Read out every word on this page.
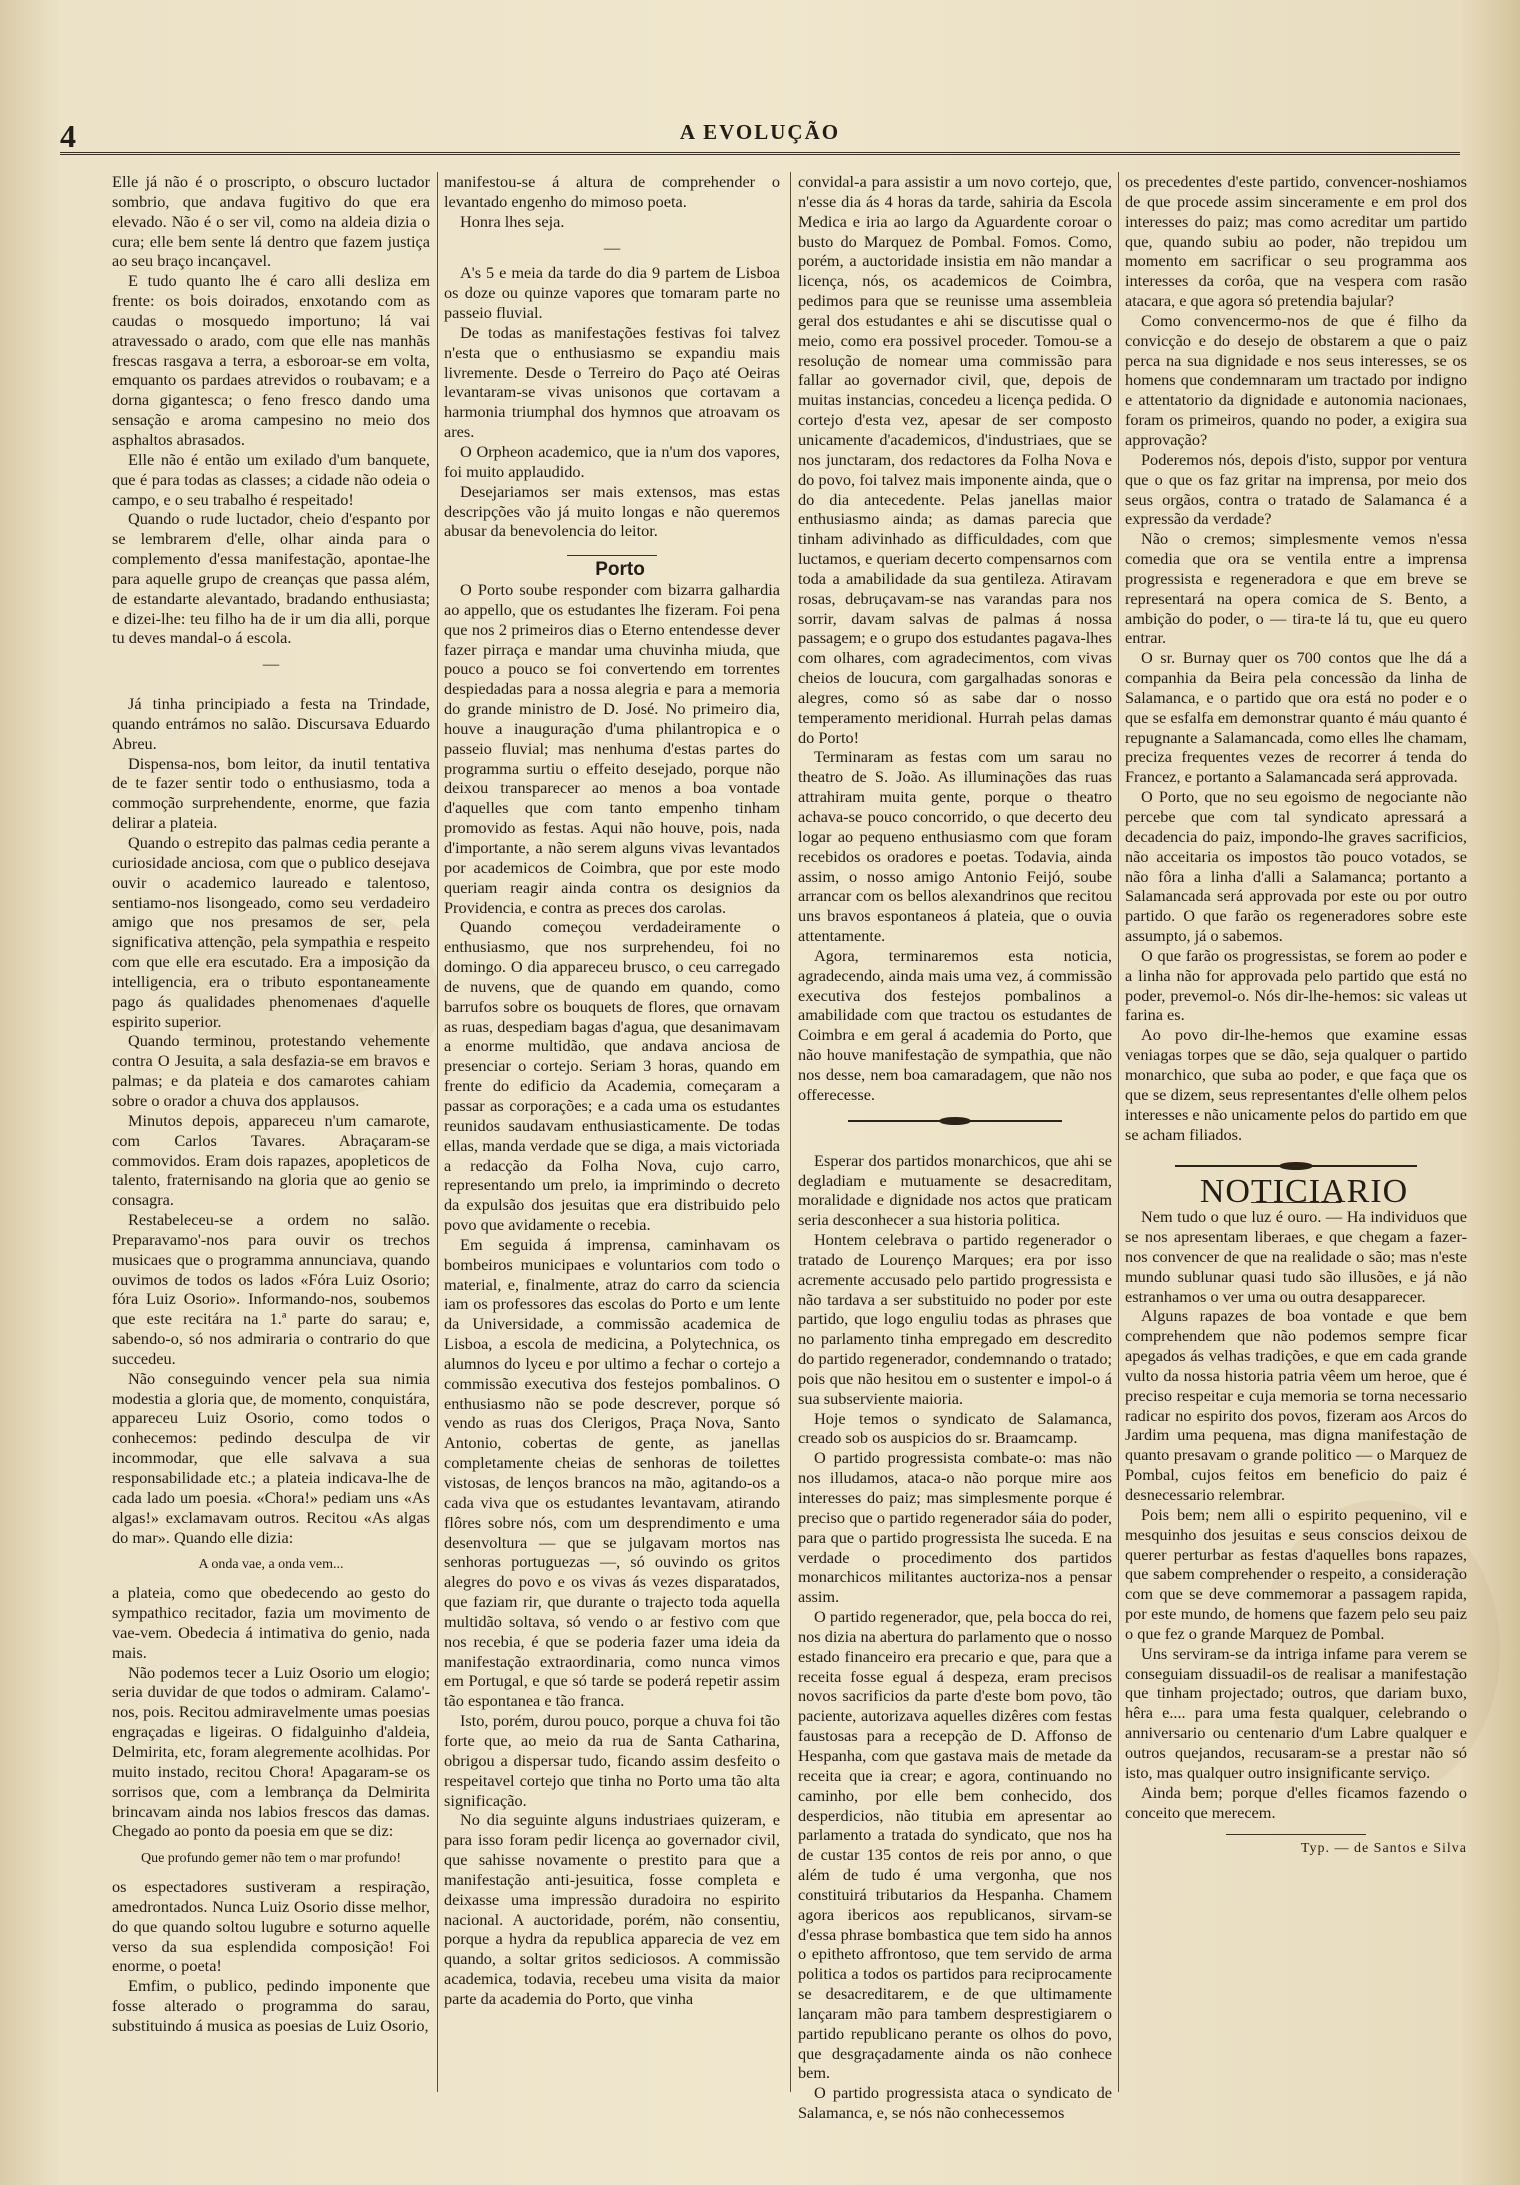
4	A EVOLUÇÃO

Elle já não é o proscripto, o obscuro luctador sombrio, que andava fugitivo do que era elevado. Não é o ser vil, como na aldeia dizia o cura; elle bem sente lá dentro que fazem justiça ao seu braço incançavel.

E tudo quanto lhe é caro alli desliza em frente: os bois doirados, enxotando com as caudas o mosquedo importuno; lá vai atravessado o arado, com que elle nas manhãs frescas rasgava a terra, a esboroar-se em volta, emquanto os pardaes atrevidos o roubavam; e a dorna gigantesca; o feno fresco dando uma sensação e aroma campesino no meio dos asphaltos abrasados.

Elle não é então um exilado d'um banquete, que é para todas as classes; a cidade não odeia o campo, e o seu trabalho é respeitado!

Quando o rude luctador, cheio d'espanto por se lembrarem d'elle, olhar ainda para o complemento d'essa manifestação, apontae-lhe para aquelle grupo de creanças que passa além, de estandarte alevantado, bradando enthusiasta; e dizei-lhe: teu filho ha de ir um dia alli, porque tu deves mandal-o á escola.

—

Já tinha principiado a festa na Trindade, quando entrámos no salão. Discursava Eduardo Abreu.

Dispensa-nos, bom leitor, da inutil tentativa de te fazer sentir todo o enthusiasmo, toda a commoção surprehendente, enorme, que fazia delirar a plateia.

Quando o estrepito das palmas cedia perante a curiosidade anciosa, com que o publico desejava ouvir o academico laureado e talentoso, sentiamo-nos lisongeado, como seu verdadeiro amigo que nos presamos de ser, pela significativa attenção, pela sympathia e respeito com que elle era escutado. Era a imposição da intelligencia, era o tributo espontaneamente pago ás qualidades phenomenaes d'aquelle espirito superior.

Quando terminou, protestando vehemente contra O Jesuita, a sala desfazia-se em bravos e palmas; e da plateia e dos camarotes cahiam sobre o orador a chuva dos applausos.

Minutos depois, appareceu n'um camarote, com Carlos Tavares. Abraçaram-se commovidos. Eram dois rapazes, apopleticos de talento, fraternisando na gloria que ao genio se consagra.

Restabeleceu-se a ordem no salão. Preparavamo'-nos para ouvir os trechos musicaes que o programma annunciava, quando ouvimos de todos os lados «Fóra Luiz Osorio; fóra Luiz Osorio». Informando-nos, soubemos que este recitára na 1.ª parte do sarau; e, sabendo-o, só nos admiraria o contrario do que succedeu.

Não conseguindo vencer pela sua nimia modestia a gloria que, de momento, conquistára, appareceu Luiz Osorio, como todos o conhecemos: pedindo desculpa de vir incommodar, que elle salvava a sua responsabilidade etc.; a plateia indicava-lhe de cada lado um poesia. «Chora!» pediam uns «As algas!» exclamavam outros. Recitou «As algas do mar». Quando elle dizia:

A onda vae, a onda vem...

a plateia, como que obedecendo ao gesto do sympathico recitador, fazia um movimento de vae-vem. Obedecia á intimativa do genio, nada mais.

Não podemos tecer a Luiz Osorio um elogio; seria duvidar de que todos o admiram. Calamo'-nos, pois. Recitou admiravelmente umas poesias engraçadas e ligeiras. O fidalguinho d'aldeia, Delmirita, etc, foram alegremente acolhidas. Por muito instado, recitou Chora! Apagaram-se os sorrisos que, com a lembrança da Delmirita brincavam ainda nos labios frescos das damas. Chegado ao ponto da poesia em que se diz:

Que profundo gemer não tem o mar profundo!

os espectadores sustiveram a respiração, amedrontados. Nunca Luiz Osorio disse melhor, do que quando soltou lugubre e soturno aquelle verso da sua esplendida composição! Foi enorme, o poeta!

Emfim, o publico, pedindo imponente que fosse alterado o programma do sarau, substituindo á musica as poesias de Luiz Osorio,

manifestou-se á altura de comprehender o levantado engenho do mimoso poeta.

Honra lhes seja.

—

A's 5 e meia da tarde do dia 9 partem de Lisboa os doze ou quinze vapores que tomaram parte no passeio fluvial.

De todas as manifestações festivas foi talvez n'esta que o enthusiasmo se expandiu mais livremente. Desde o Terreiro do Paço até Oeiras levantaram-se vivas unisonos que cortavam a harmonia triumphal dos hymnos que atroavam os ares.

O Orpheon academico, que ia n'um dos vapores, foi muito applaudido.

Desejariamos ser mais extensos, mas estas descripções vão já muito longas e não queremos abusar da benevolencia do leitor.

Porto

O Porto soube responder com bizarra galhardia ao appello, que os estudantes lhe fizeram. Foi pena que nos 2 primeiros dias o Eterno entendesse dever fazer pirraça e mandar uma chuvinha miuda, que pouco a pouco se foi convertendo em torrentes despiedadas para a nossa alegria e para a memoria do grande ministro de D. José. No primeiro dia, houve a inauguração d'uma philantropica e o passeio fluvial; mas nenhuma d'estas partes do programma surtiu o effeito desejado, porque não deixou transparecer ao menos a boa vontade d'aquelles que com tanto empenho tinham promovido as festas. Aqui não houve, pois, nada d'importante, a não serem alguns vivas levantados por academicos de Coimbra, que por este modo queriam reagir ainda contra os designios da Providencia, e contra as preces dos carolas.

Quando começou verdadeiramente o enthusiasmo, que nos surprehendeu, foi no domingo. O dia appareceu brusco, o ceu carregado de nuvens, que de quando em quando, como barrufos sobre os bouquets de flores, que ornavam as ruas, despediam bagas d'agua, que desanimavam a enorme multidão, que andava anciosa de presenciar o cortejo. Seriam 3 horas, quando em frente do edificio da Academia, começaram a passar as corporações; e a cada uma os estudantes reunidos saudavam enthusiasticamente. De todas ellas, manda verdade que se diga, a mais victoriada a redacção da Folha Nova, cujo carro, representando um prelo, ia imprimindo o decreto da expulsão dos jesuitas que era distribuido pelo povo que avidamente o recebia.

Em seguida á imprensa, caminhavam os bombeiros municipaes e voluntarios com todo o material, e, finalmente, atraz do carro da sciencia iam os professores das escolas do Porto e um lente da Universidade, a commissão academica de Lisboa, a escola de medicina, a Polytechnica, os alumnos do lyceu e por ultimo a fechar o cortejo a commissão executiva dos festejos pombalinos. O enthusiasmo não se pode descrever, porque só vendo as ruas dos Clerigos, Praça Nova, Santo Antonio, cobertas de gente, as janellas completamente cheias de senhoras de toilettes vistosas, de lenços brancos na mão, agitando-os a cada viva que os estudantes levantavam, atirando flôres sobre nós, com um desprendimento e uma desenvoltura — que se julgavam mortos nas senhoras portuguezas —, só ouvindo os gritos alegres do povo e os vivas ás vezes disparatados, que faziam rir, que durante o trajecto toda aquella multidão soltava, só vendo o ar festivo com que nos recebia, é que se poderia fazer uma ideia da manifestação extraordinaria, como nunca vimos em Portugal, e que só tarde se poderá repetir assim tão espontanea e tão franca.

Isto, porém, durou pouco, porque a chuva foi tão forte que, ao meio da rua de Santa Catharina, obrigou a dispersar tudo, ficando assim desfeito o respeitavel cortejo que tinha no Porto uma tão alta significação.

No dia seguinte alguns industriaes quizeram, e para isso foram pedir licença ao governador civil, que sahisse novamente o prestito para que a manifestação anti-jesuitica, fosse completa e deixasse uma impressão duradoira no espirito nacional. A auctoridade, porém, não consentiu, porque a hydra da republica apparecia de vez em quando, a soltar gritos sediciosos. A commissão academica, todavia, recebeu uma visita da maior parte da academia do Porto, que vinha

convidal-a para assistir a um novo cortejo, que, n'esse dia ás 4 horas da tarde, sahiria da Escola Medica e iria ao largo da Aguardente coroar o busto do Marquez de Pombal. Fomos. Como, porém, a auctoridade insistia em não mandar a licença, nós, os academicos de Coimbra, pedimos para que se reunisse uma assembleia geral dos estudantes e ahi se discutisse qual o meio, como era possivel proceder. Tomou-se a resolução de nomear uma commissão para fallar ao governador civil, que, depois de muitas instancias, concedeu a licença pedida. O cortejo d'esta vez, apesar de ser composto unicamente d'academicos, d'industriaes, que se nos junctaram, dos redactores da Folha Nova e do povo, foi talvez mais imponente ainda, que o do dia antecedente. Pelas janellas maior enthusiasmo ainda; as damas parecia que tinham adivinhado as difficuldades, com que luctamos, e queriam decerto compensarnos com toda a amabilidade da sua gentileza. Atiravam rosas, debruçavam-se nas varandas para nos sorrir, davam salvas de palmas á nossa passagem; e o grupo dos estudantes pagava-lhes com olhares, com agradecimentos, com vivas cheios de loucura, com gargalhadas sonoras e alegres, como só as sabe dar o nosso temperamento meridional. Hurrah pelas damas do Porto!

Terminaram as festas com um sarau no theatro de S. João. As illuminações das ruas attrahiram muita gente, porque o theatro achava-se pouco concorrido, o que decerto deu logar ao pequeno enthusiasmo com que foram recebidos os oradores e poetas. Todavia, ainda assim, o nosso amigo Antonio Feijó, soube arrancar com os bellos alexandrinos que recitou uns bravos espontaneos á plateia, que o ouvia attentamente.

Agora, terminaremos esta noticia, agradecendo, ainda mais uma vez, á commissão executiva dos festejos pombalinos a amabilidade com que tractou os estudantes de Coimbra e em geral á academia do Porto, que não houve manifestação de sympathia, que não nos desse, nem boa camaradagem, que não nos offerecesse.

Esperar dos partidos monarchicos, que ahi se degladiam e mutuamente se desacreditam, moralidade e dignidade nos actos que praticam seria desconhecer a sua historia politica.

Hontem celebrava o partido regenerador o tratado de Lourenço Marques; era por isso acremente accusado pelo partido progressista e não tardava a ser substituido no poder por este partido, que logo enguliu todas as phrases que no parlamento tinha empregado em descredito do partido regenerador, condemnando o tratado; pois que não hesitou em o sustenter e impol-o á sua subserviente maioria.

Hoje temos o syndicato de Salamanca, creado sob os auspicios do sr. Braamcamp.

O partido progressista combate-o: mas não nos illudamos, ataca-o não porque mire aos interesses do paiz; mas simplesmente porque é preciso que o partido regenerador sáia do poder, para que o partido progressista lhe suceda. E na verdade o procedimento dos partidos monarchicos militantes auctoriza-nos a pensar assim.

O partido regenerador, que, pela bocca do rei, nos dizia na abertura do parlamento que o nosso estado financeiro era precario e que, para que a receita fosse egual á despeza, eram precisos novos sacrificios da parte d'este bom povo, tão paciente, autorizava aquelles dizêres com festas faustosas para a recepção de D. Affonso de Hespanha, com que gastava mais de metade da receita que ia crear; e agora, continuando no caminho, por elle bem conhecido, dos desperdicios, não titubia em apresentar ao parlamento a tratada do syndicato, que nos ha de custar 135 contos de reis por anno, o que além de tudo é uma vergonha, que nos constituirá tributarios da Hespanha. Chamem agora ibericos aos republicanos, sirvam-se d'essa phrase bombastica que tem sido ha annos o epitheto affrontoso, que tem servido de arma politica a todos os partidos para reciprocamente se desacreditarem, e de que ultimamente lançaram mão para tambem desprestigiarem o partido republicano perante os olhos do povo, que desgraçadamente ainda os não conhece bem.

O partido progressista ataca o syndicato de Salamanca, e, se nós não conhecessemos

os precedentes d'este partido, convencer-noshiamos de que procede assim sinceramente e em prol dos interesses do paiz; mas como acreditar um partido que, quando subiu ao poder, não trepidou um momento em sacrificar o seu programma aos interesses da corôa, que na vespera com rasão atacara, e que agora só pretendia bajular?

Como convencermo-nos de que é filho da convicção e do desejo de obstarem a que o paiz perca na sua dignidade e nos seus interesses, se os homens que condemnaram um tractado por indigno e attentatorio da dignidade e autonomia nacionaes, foram os primeiros, quando no poder, a exigira sua approvação?

Poderemos nós, depois d'isto, suppor por ventura que o que os faz gritar na imprensa, por meio dos seus orgãos, contra o tratado de Salamanca é a expressão da verdade?

Não o cremos; simplesmente vemos n'essa comedia que ora se ventila entre a imprensa progressista e regeneradora e que em breve se representará na opera comica de S. Bento, a ambição do poder, o — tira-te lá tu, que eu quero entrar.

O sr. Burnay quer os 700 contos que lhe dá a companhia da Beira pela concessão da linha de Salamanca, e o partido que ora está no poder e o que se esfalfa em demonstrar quanto é máu quanto é repugnante a Salamancada, como elles lhe chamam, preciza frequentes vezes de recorrer á tenda do Francez, e portanto a Salamancada será approvada.

O Porto, que no seu egoismo de negociante não percebe que com tal syndicato apressará a decadencia do paiz, impondo-lhe graves sacrificios, não acceitaria os impostos tão pouco votados, se não fôra a linha d'alli a Salamanca; portanto a Salamancada será approvada por este ou por outro partido. O que farão os regeneradores sobre este assumpto, já o sabemos.

O que farão os progressistas, se forem ao poder e a linha não for approvada pelo partido que está no poder, prevemol-o. Nós dir-lhe-hemos: sic valeas ut farina es.

Ao povo dir-lhe-hemos que examine essas veniagas torpes que se dão, seja qualquer o partido monarchico, que suba ao poder, e que faça que os que se dizem, seus representantes d'elle olhem pelos interesses e não unicamente pelos do partido em que se acham filiados.

NOTICIARIO

Nem tudo o que luz é ouro. — Ha individuos que se nos apresentam liberaes, e que chegam a fazer-nos convencer de que na realidade o são; mas n'este mundo sublunar quasi tudo são illusões, e já não estranhamos o ver uma ou outra desapparecer.

Alguns rapazes de boa vontade e que bem comprehendem que não podemos sempre ficar apegados ás velhas tradições, e que em cada grande vulto da nossa historia patria vêem um heroe, que é preciso respeitar e cuja memoria se torna necessario radicar no espirito dos povos, fizeram aos Arcos do Jardim uma pequena, mas digna manifestação de quanto presavam o grande politico — o Marquez de Pombal, cujos feitos em beneficio do paiz é desnecessario relembrar.

Pois bem; nem alli o espirito pequenino, vil e mesquinho dos jesuitas e seus conscios deixou de querer perturbar as festas d'aquelles bons rapazes, que sabem comprehender o respeito, a consideração com que se deve commemorar a passagem rapida, por este mundo, de homens que fazem pelo seu paiz o que fez o grande Marquez de Pombal.

Uns serviram-se da intriga infame para verem se conseguiam dissuadil-os de realisar a manifestação que tinham projectado; outros, que dariam buxo, hêra e.... para uma festa qualquer, celebrando o anniversario ou centenario d'um Labre qualquer e outros quejandos, recusaram-se a prestar não só isto, mas qualquer outro insignificante serviço.

Ainda bem; porque d'elles ficamos fazendo o conceito que merecem.

Typ. — de Santos e Silva
